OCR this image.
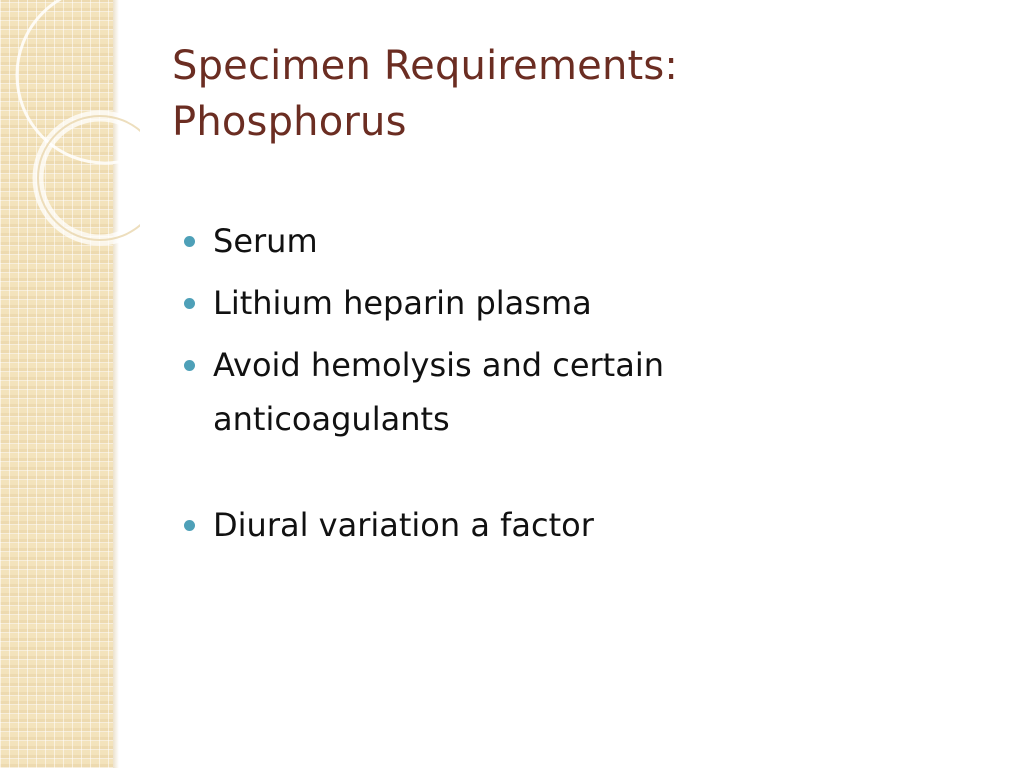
Specimen Requirements:
Phosphorus
Serum
Lithium heparin plasma
Avoid hemolysis and certain anticoagulants
Diural variation a factor
